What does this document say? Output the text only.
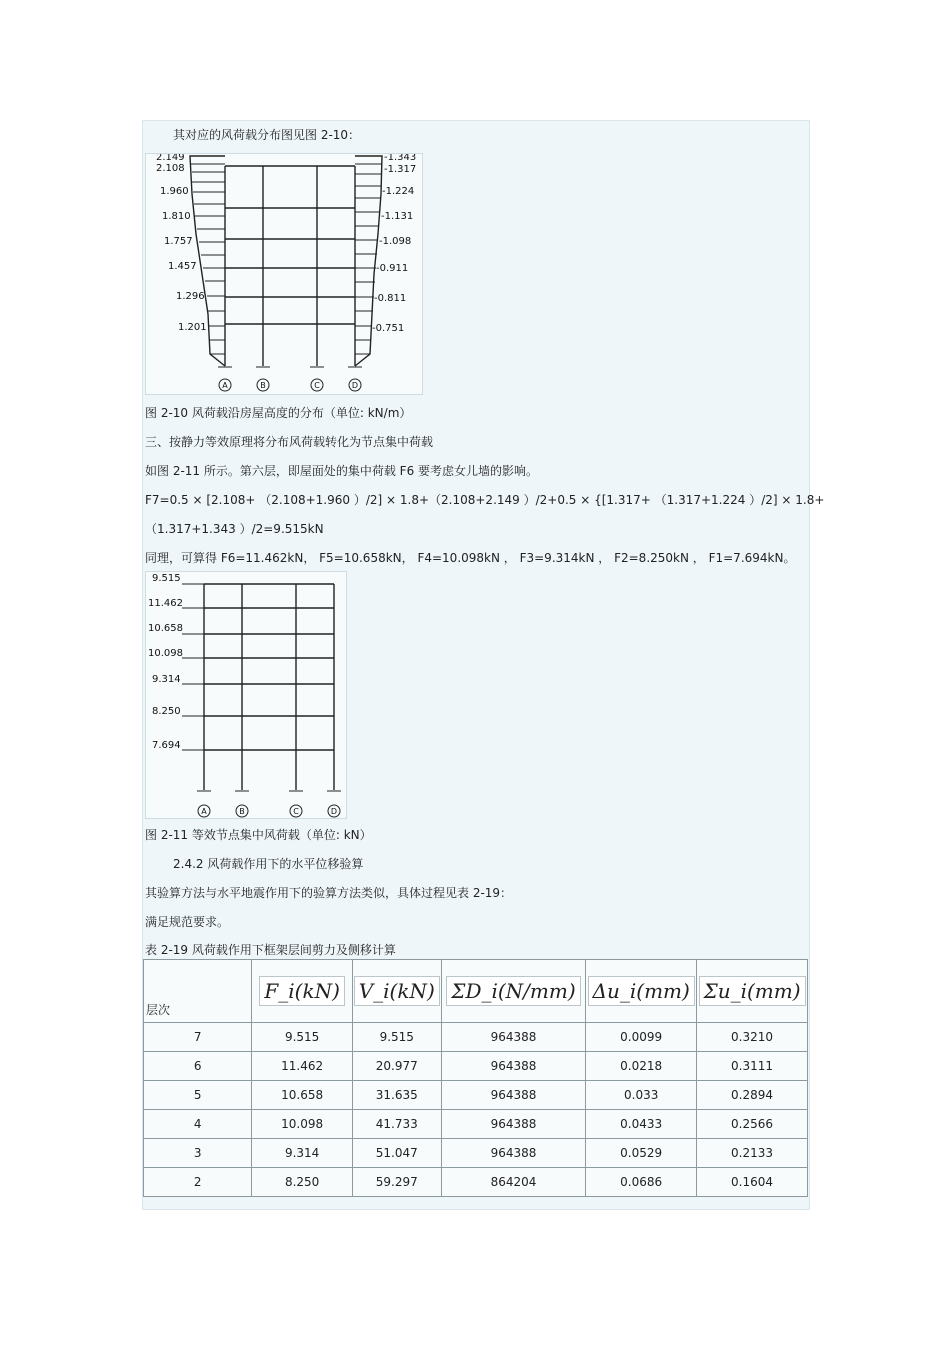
其对应的风荷载分布图见图 2-10：
2.149
2.108
1.960
1.810
1.757
1.457
1.296
1.201
-1.343
-1.317
-1.224
-1.131
-1.098
-0.911
-0.811
-0.751
A	B	C	D
图 2-10 风荷载沿房屋高度的分布（单位: kN/m）
三、按静力等效原理将分布风荷载转化为节点集中荷载
如图 2-11 所示。第六层，即屋面处的集中荷载 F6 要考虑女儿墙的影响。
F7=0.5 × [2.108+ （2.108+1.960 ）/2] × 1.8+（2.108+2.149 ）/2+0.5 × {[1.317+ （1.317+1.224 ）/2] × 1.8+
（1.317+1.343 ）/2=9.515kN
同理，可算得 F6=11.462kN， F5=10.658kN， F4=10.098kN ， F3=9.314kN ， F2=8.250kN ， F1=7.694kN。
9.515
11.462
10.658
10.098
9.314
8.250
7.694
A	B	C	D
图 2-11 等效节点集中风荷载（单位: kN）
2.4.2 风荷载作用下的水平位移验算
其验算方法与水平地震作用下的验算方法类似，具体过程见表 2-19：
满足规范要求。
表 2-19 风荷载作用下框架层间剪力及侧移计算
层次	F_i(kN)	V_i(kN)	ΣD_i(N/mm)	Δu_i(mm)	Σu_i(mm)
7	9.515	9.515	964388	0.0099	0.3210
6	11.462	20.977	964388	0.0218	0.3111
5	10.658	31.635	964388	0.033	0.2894
4	10.098	41.733	964388	0.0433	0.2566
3	9.314	51.047	964388	0.0529	0.2133
2	8.250	59.297	864204	0.0686	0.1604
